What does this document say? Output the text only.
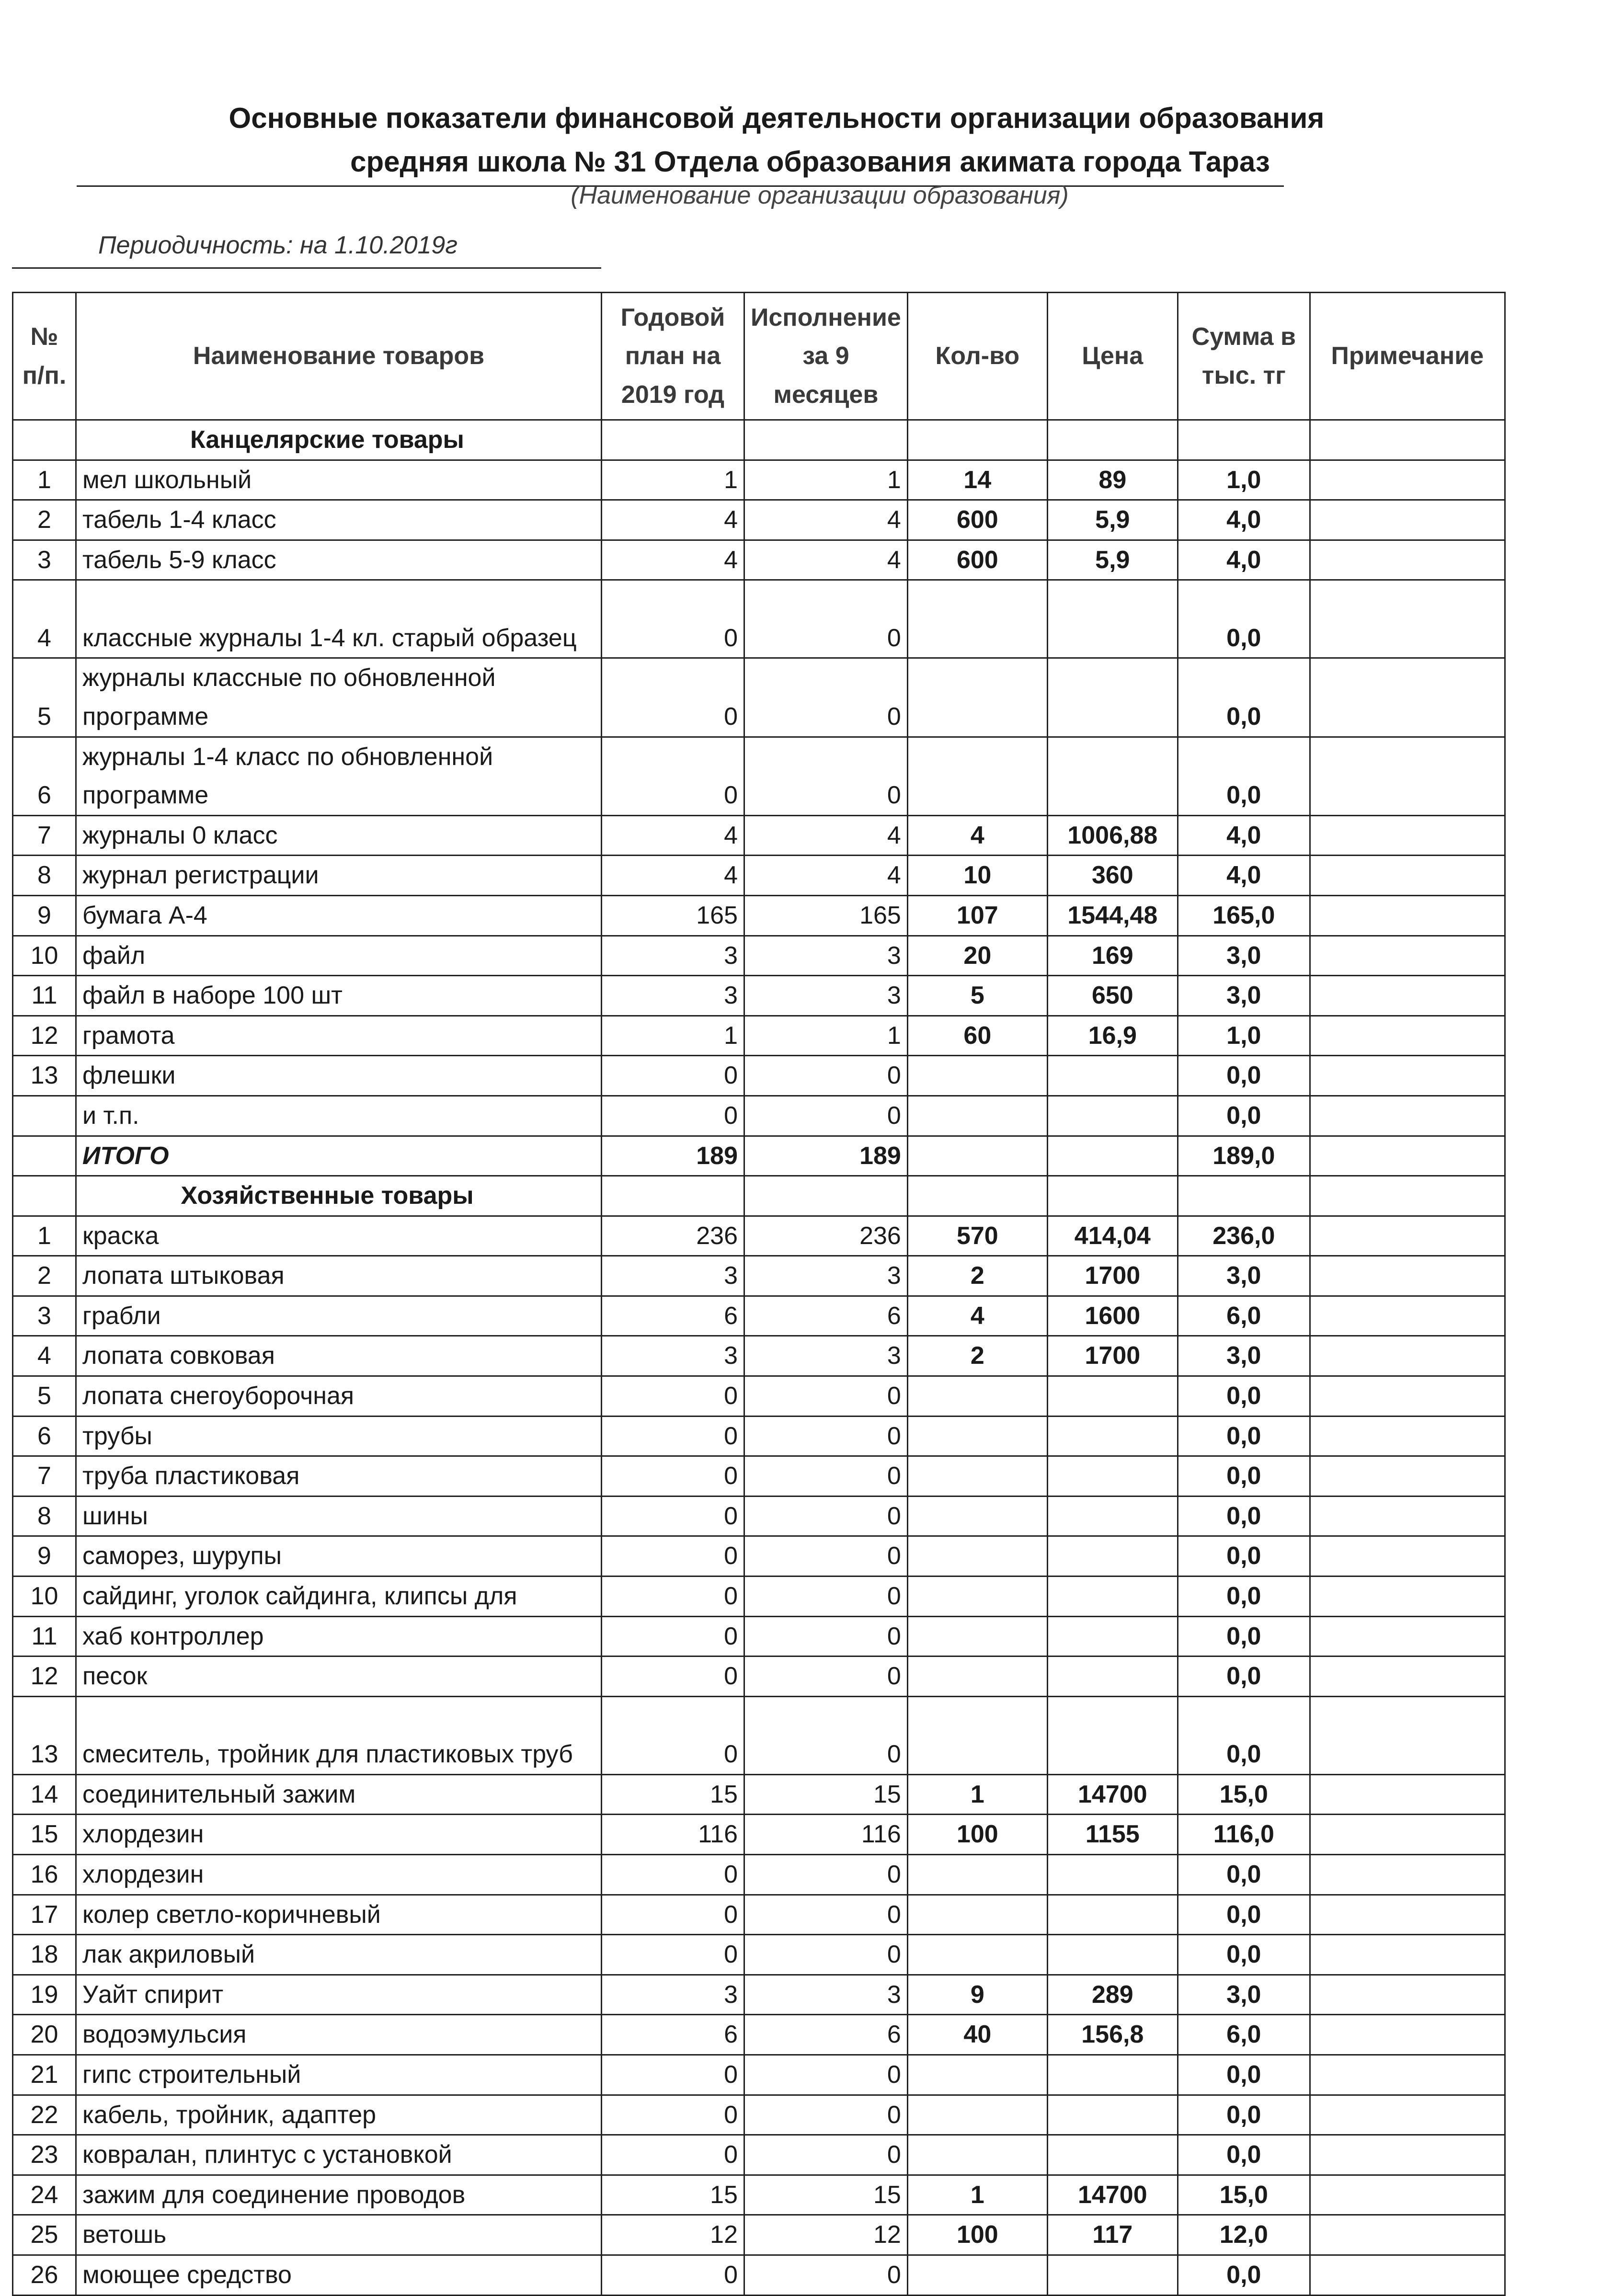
Основные показатели финансовой деятельности организации образования
средняя школа № 31 Отдела образования акимата города Тараз
(Наименование организации образования)
Периодичность: на 1.10.2019г
№ п/п.	Наименование товаров	Годовой план на 2019 год	Исполнение за 9 месяцев	Кол-во	Цена	Сумма в тыс. тг	Примечание
	Канцелярские товары						
1	мел школьный	1	1	14	89	1,0	
2	табель 1-4 класс	4	4	600	5,9	4,0	
3	табель 5-9 класс	4	4	600	5,9	4,0	
4	классные журналы 1-4 кл. старый образец	0	0			0,0	
5	журналы классные по обновленной программе	0	0			0,0	
6	журналы 1-4 класс по обновленной программе	0	0			0,0	
7	журналы 0 класс	4	4	4	1006,88	4,0	
8	журнал регистрации	4	4	10	360	4,0	
9	бумага А-4	165	165	107	1544,48	165,0	
10	файл	3	3	20	169	3,0	
11	файл в наборе 100 шт	3	3	5	650	3,0	
12	грамота	1	1	60	16,9	1,0	
13	флешки	0	0			0,0	
	и т.п.	0	0			0,0	
	ИТОГО	189	189			189,0	
	Хозяйственные товары						
1	краска	236	236	570	414,04	236,0	
2	лопата штыковая	3	3	2	1700	3,0	
3	грабли	6	6	4	1600	6,0	
4	лопата совковая	3	3	2	1700	3,0	
5	лопата снегоуборочная	0	0			0,0	
6	трубы	0	0			0,0	
7	труба пластиковая	0	0			0,0	
8	шины	0	0			0,0	
9	саморез, шурупы	0	0			0,0	
10	сайдинг, уголок сайдинга, клипсы для	0	0			0,0	
11	хаб контроллер	0	0			0,0	
12	песок	0	0			0,0	
13	смеситель, тройник для пластиковых труб	0	0			0,0	
14	соединительный зажим	15	15	1	14700	15,0	
15	хлордезин	116	116	100	1155	116,0	
16	хлордезин	0	0			0,0	
17	колер светло-коричневый	0	0			0,0	
18	лак акриловый	0	0			0,0	
19	Уайт спирит	3	3	9	289	3,0	
20	водоэмульсия	6	6	40	156,8	6,0	
21	гипс строительный	0	0			0,0	
22	кабель, тройник, адаптер	0	0			0,0	
23	ковралан, плинтус с установкой	0	0			0,0	
24	зажим для соединение проводов	15	15	1	14700	15,0	
25	ветошь	12	12	100	117	12,0	
26	моющее средство	0	0			0,0	
